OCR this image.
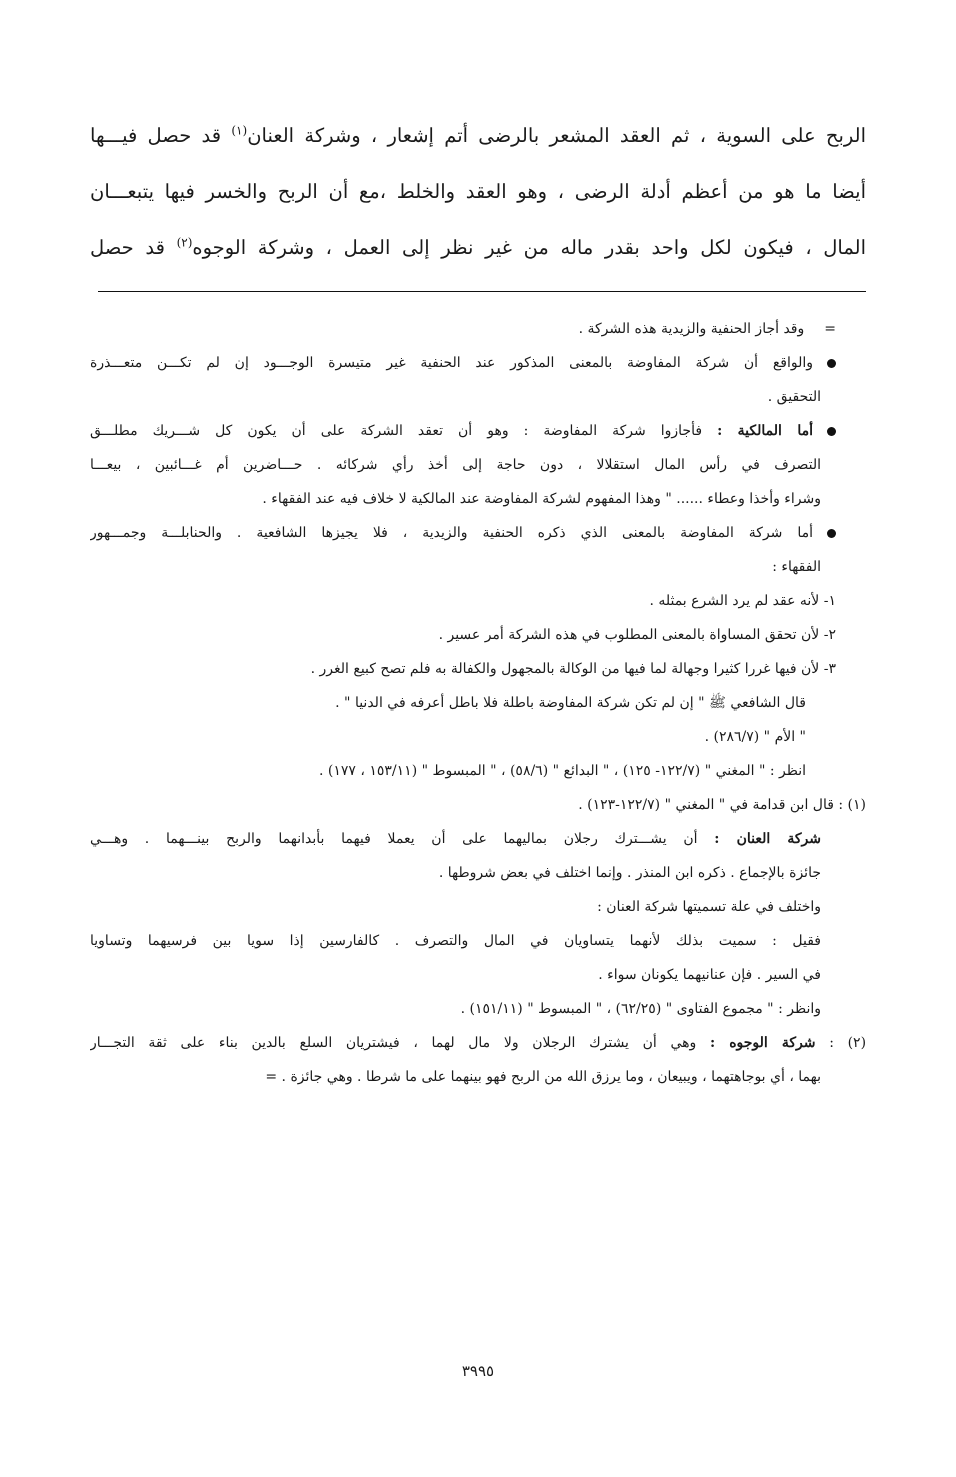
الربح على السوية ، ثم العقد المشعر بالرضى أتم إشعار ، وشركة العنان$^{(١)}$ قد حصل فيـــها
أيضا ما هو من أعظم أدلة الرضى ، وهو العقد والخلط ،مع أن الربح والخسر فيها يتبعـــان
المال ، فيكون لكل واحد بقدر ماله من غير نظر إلى العمل ، وشركة الوجوه$^{(٢)}$ قد حصل
=وقد أجاز الحنفية والزيدية هذه الشركة .
والواقع أن شركة المفاوضة بالمعنى المذكور عند الحنفية غير متيسرة الوجـــود إن لم تكـــن متعـــذرة
التحقيق .
أما المالكية : فأجازوا شركة المفاوضة : وهو أن تعقد الشركة على أن يكون كل شـــريك مطلـــق
التصرف في رأس المال استقلالا ، دون حاجة إلى أخذ رأي شركائه . حـــاضرين أم غـــائبين ، بيعـــا
وشراء وأخذا وعطاء ...... " وهذا المفهوم لشركة المفاوضة عند المالكية لا خلاف فيه عند الفقهاء .
أما شركة المفاوضة بالمعنى الذي ذكره الحنفية والزيدية ، فلا يجيزها الشافعية . والحنابلـــة وجمـــهور
الفقهاء :
١- لأنه عقد لم يرد الشرع بمثله .
٢- لأن تحقق المساواة بالمعنى المطلوب في هذه الشركة أمر عسير .
٣- لأن فيها غررا كثيرا وجهالة لما فيها من الوكالة بالمجهول والكفالة به فلم تصح كبيع الغرر .
قال الشافعي ﷺ " إن لم تكن شركة المفاوضة باطلة فلا باطل أعرفه في الدنيا " .
" الأم " (٢٨٦/٧) .
انظر : " المغني " (١٢٢/٧- ١٢٥) ، " البدائع " (٥٨/٦) ، " المبسوط " (١٥٣/١١ ، ١٧٧) .
(١) : قال ابن قدامة في " المغني " (١٢٢/٧-١٢٣) .
شركة العنان : أن يشـــترك رجلان بماليهما على أن يعملا فيهما بأبدانهما والربح بينـــهما . وهـــي
جائزة بالإجماع . ذكره ابن المنذر . وإنما اختلف في بعض شروطها .
واختلف في علة تسميتها شركة العنان :
فقيل : سميت بذلك لأنهما يتساويان في المال والتصرف . كالفارسين إذا سويا بين فرسيهما وتساويا
في السير . فإن عنانيهما يكونان سواء .
وانظر : " مجموع الفتاوى " (٦٢/٢٥) ، " المبسوط " (١٥١/١١) .
(٢) : شركة الوجوه : وهي أن يشترك الرجلان ولا مال لهما ، فيشتريان السلع بالدين بناء على ثقة التجـــار
بهما ، أي بوجاهتهما ، ويبيعان ، وما يرزق الله من الربح فهو بينهما على ما شرطا . وهي جائزة . =
٣٩٩٥
